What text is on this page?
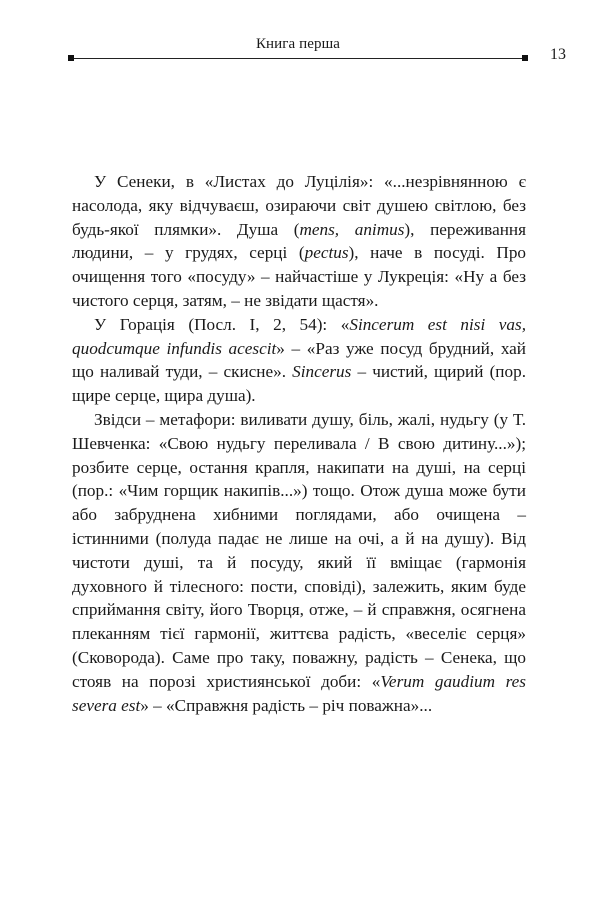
Книга перша
13

У Сенеки, в «Листах до Луцілія»: «...незрівнянною є насолода, яку відчуваєш, озираючи світ душею світлою, без будь-якої плямки». Душа (mens, animus), переживання людини, – у грудях, серці (pectus), наче в посуді. Про очищення того «посуду» – найчастіше у Лукреція: «Ну а без чистого серця, затям, – не звідати щастя».

У Горація (Посл. I, 2, 54): «Sincerum est nisi vas, quodcumque infundis acescit» – «Раз уже посуд брудний, хай що наливай туди, – скисне». Sincerus – чистий, щирий (пор. щире серце, щира душа).

Звідси – метафори: виливати душу, біль, жалі, нудьгу (у Т. Шевченка: «Свою нудьгу переливала / В свою дитину...»); розбите серце, остання крапля, накипати на душі, на серці (пор.: «Чим горщик накипів...») тощо. Отож душа може бути або забруднена хибними поглядами, або очищена – істинними (полуда падає не лише на очі, а й на душу). Від чистоти душі, та й посуду, який її вміщає (гармонія духовного й тілесного: пости, сповіді), залежить, яким буде сприймання світу, його Творця, отже, – й справжня, осягнена плеканням тієї гармонії, життєва радість, «веселіє серця» (Сковорода). Саме про таку, поважну, радість – Сенека, що стояв на порозі християнської доби: «Verum gaudium res severa est» – «Справжня радість – річ поважна»...
